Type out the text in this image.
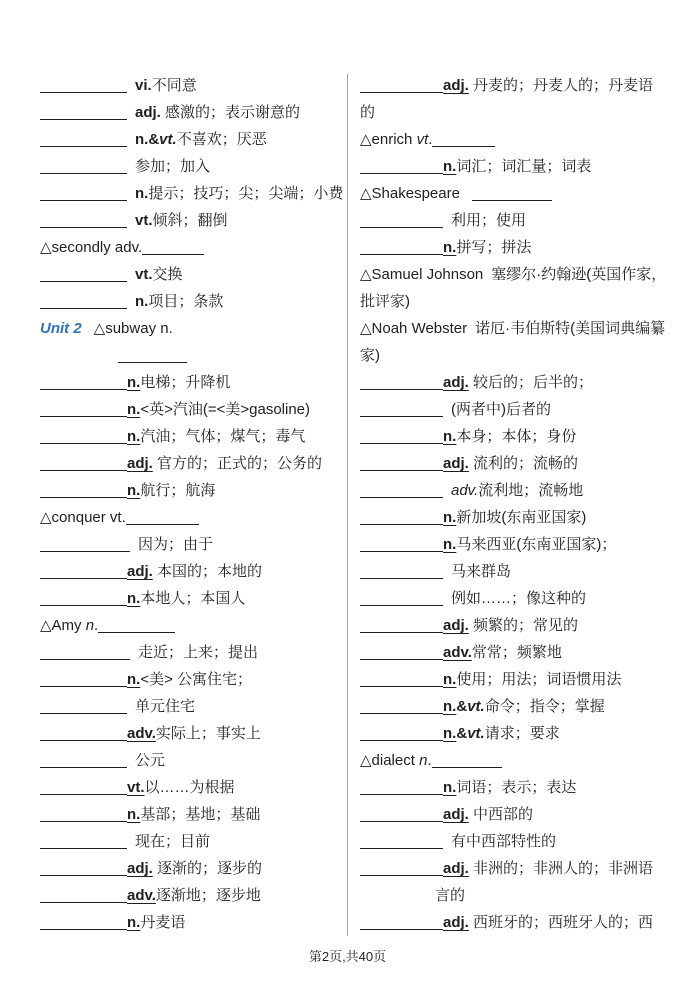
vi.不同意
adj. 感激的；表示谢意的
n.&vt.不喜欢；厌恶
参加；加入
n.提示；技巧；尖；尖端；小费
vt.倾斜；翻倒
△secondly adv.
vt.交换
n.项目；条款
Unit 2 △subway n.
n.电梯；升降机
n.<英>汽油(=<美>gasoline)
n.汽油；气体；煤气；毒气
adj. 官方的；正式的；公务的
n.航行；航海
△conquer vt.
因为；由于
adj. 本国的；本地的
n.本地人；本国人
△Amy n.
走近；上来；提出
n.<美> 公寓住宅；
单元住宅
adv.实际上；事实上
公元
vt.以……为根据
n.基部；基地；基础
现在；目前
adj. 逐渐的；逐步的
adv.逐渐地；逐步地
n.丹麦语
adj. 丹麦的；丹麦人的；丹麦语
的
△enrich vt.
n.词汇；词汇量；词表
△Shakespeare
利用；使用
n.拼写；拼法
△Samuel Johnson 塞缪尔·约翰逊(英国作家，
批评家)
△Noah Webster 诺厄·韦伯斯特(美国词典编纂
家)
adj. 较后的；后半的；
(两者中)后者的
n.本身；本体；身份
adj. 流利的；流畅的
adv.流利地；流畅地
n.新加坡(东南亚国家)
n.马来西亚(东南亚国家)；
马来群岛
例如……；像这种的
adj. 频繁的；常见的
adv.常常；频繁地
n.使用；用法；词语惯用法
n.&vt.命令；指令；掌握
n.&vt.请求；要求
△dialect n.
n.词语；表示；表达
adj. 中西部的
有中西部特性的
adj. 非洲的；非洲人的；非洲语
言的
adj. 西班牙的；西班牙人的；西
第2页,共40页
